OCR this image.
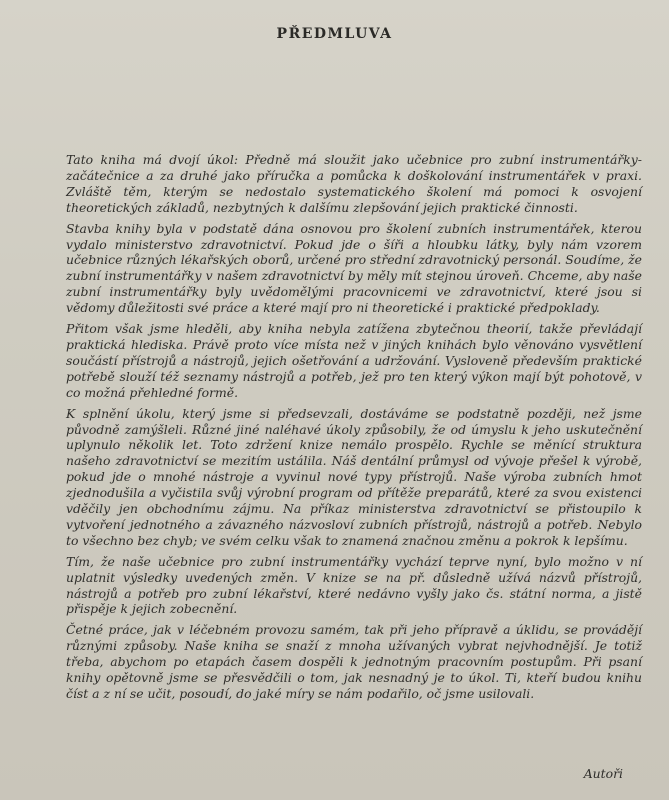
PŘEDMLUVA

Tato kniha má dvojí úkol: Předně má sloužit jako učebnice pro zubní instrumentářky-začátečnice a za druhé jako příručka a pomůcka k doškolování instrumentářek v praxi. Zvláště těm, kterým se nedostalo systematického školení má pomoci k osvojení theoretických základů, nezbytných k dalšímu zlepšování jejich praktické činnosti.

Stavba knihy byla v podstatě dána osnovou pro školení zubních instrumentářek, kterou vydalo ministerstvo zdravotnictví. Pokud jde o šíři a hloubku látky, byly nám vzorem učebnice různých lékařských oborů, určené pro střední zdravotnický personál. Soudíme, že zubní instrumentářky v našem zdravotnictví by měly mít stejnou úroveň. Chceme, aby naše zubní instrumentářky byly uvědomělými pracovnicemi ve zdravotnictví, které jsou si vědomy důležitosti své práce a které mají pro ni theoretické i praktické předpoklady.

Přitom však jsme hleděli, aby kniha nebyla zatížena zbytečnou theorií, takže převládají praktická hlediska. Právě proto více místa než v jiných knihách bylo věnováno vysvětlení součástí přístrojů a nástrojů, jejich ošetřování a udržování. Vysloveně především praktické potřebě slouží též seznamy nástrojů a potřeb, jež pro ten který výkon mají být pohotově, v co možná přehledné formě.

K splnění úkolu, který jsme si předsevzali, dostáváme se podstatně později, než jsme původně zamýšleli. Různé jiné naléhavé úkoly způsobily, že od úmyslu k jeho uskutečnění uplynulo několik let. Toto zdržení knize nemálo prospělo. Rychle se měnící struktura našeho zdravotnictví se mezitím ustálila. Náš dentální průmysl od vývoje přešel k výrobě, pokud jde o mnohé nástroje a vyvinul nové typy přístrojů. Naše výroba zubních hmot zjednodušila a vyčistila svůj výrobní program od přítěže preparátů, které za svou existenci vděčily jen obchodnímu zájmu. Na příkaz ministerstva zdravotnictví se přistoupilo k vytvoření jednotného a závazného názvosloví zubních přístrojů, nástrojů a potřeb. Nebylo to všechno bez chyb; ve svém celku však to znamená značnou změnu a pokrok k lepšímu.

Tím, že naše učebnice pro zubní instrumentářky vychází teprve nyní, bylo možno v ní uplatnit výsledky uvedených změn. V knize se na př. důsledně užívá názvů přístrojů, nástrojů a potřeb pro zubní lékařství, které nedávno vyšly jako čs. státní norma, a jistě přispěje k jejich zobecnění.

Četné práce, jak v léčebném provozu samém, tak při jeho přípravě a úklidu, se provádějí různými způsoby. Naše kniha se snaží z mnoha užívaných vybrat nejvhodnější. Je totiž třeba, abychom po etapách časem dospěli k jednotným pracovním postupům. Při psaní knihy opětovně jsme se přesvědčili o tom, jak nesnadný je to úkol. Ti, kteří budou knihu číst a z ní se učit, posoudí, do jaké míry se nám podařilo, oč jsme usilovali.

Autoři
